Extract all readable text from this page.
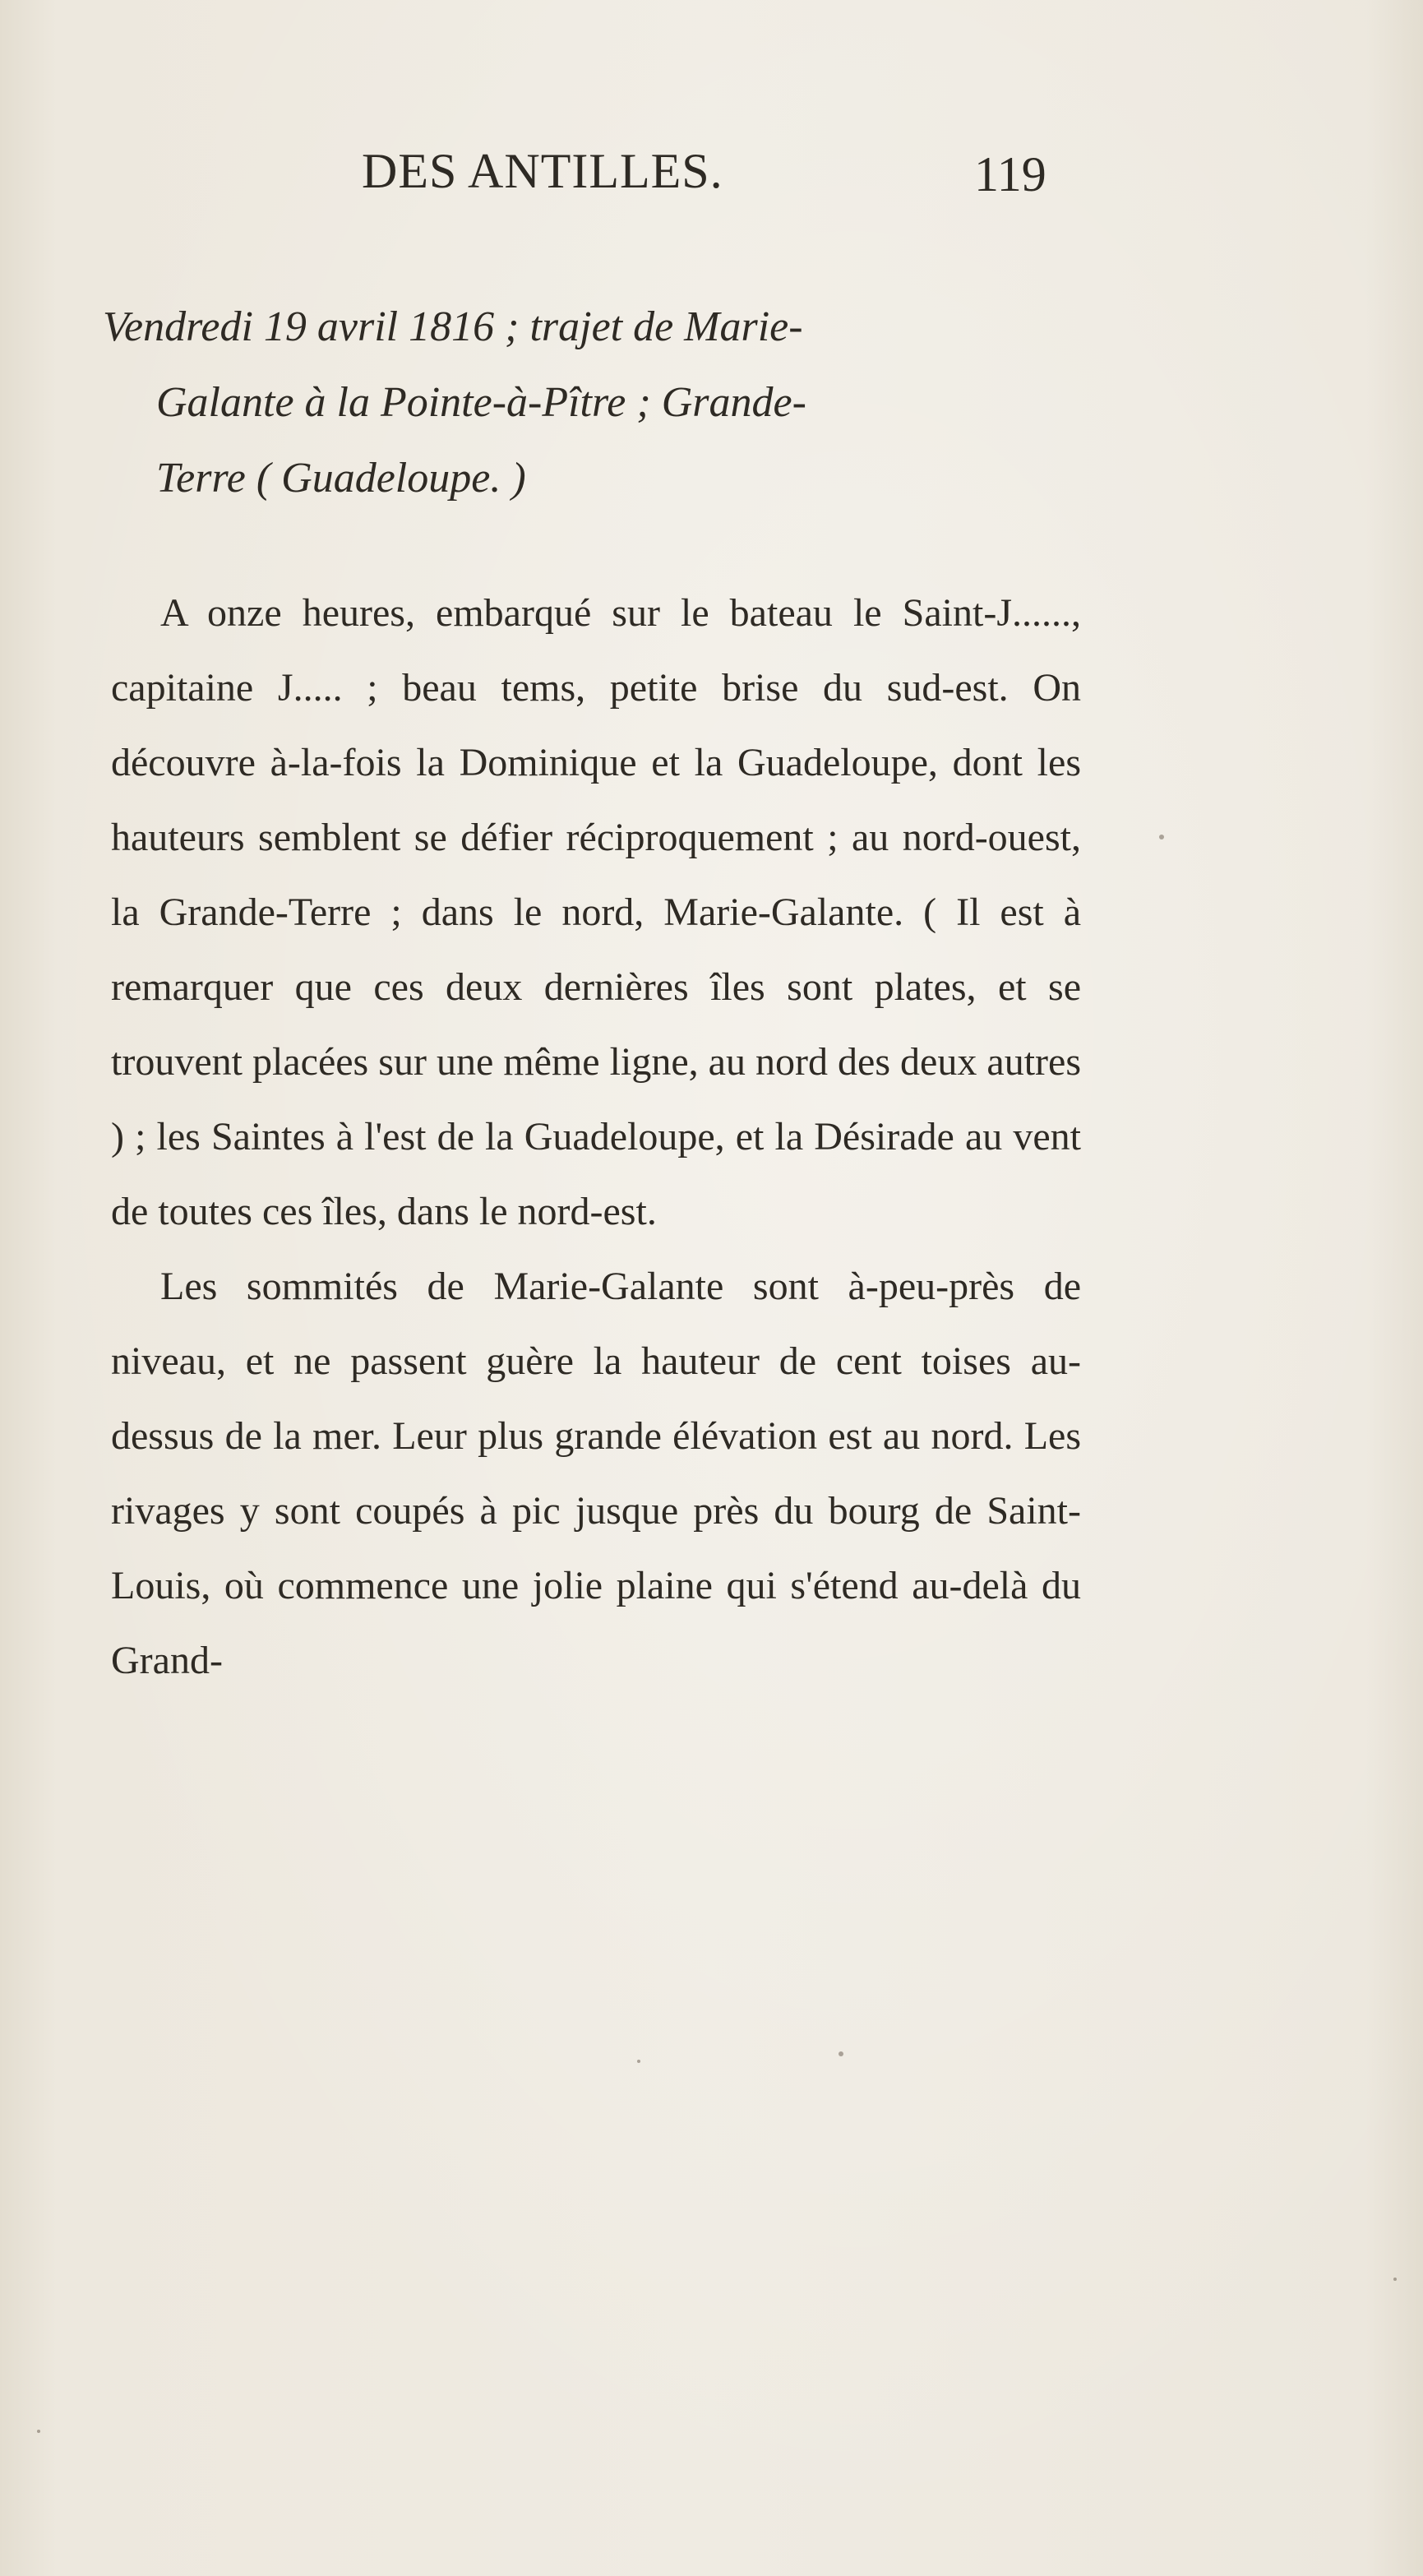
DES ANTILLES.	119
Vendredi 19 avril 1816 ; trajet de Marie-
Galante à la Pointe-à-Pître ; Grande-
Terre ( Guadeloupe. )

A onze heures, embarqué sur le bateau le Saint-J......, capitaine J..... ; beau tems, petite brise du sud-est. On découvre à-la-fois la Dominique et la Guadeloupe, dont les hauteurs semblent se défier réciproquement ; au nord-ouest, la Grande-Terre ; dans le nord, Marie-Galante. ( Il est à remarquer que ces deux dernières îles sont plates, et se trouvent placées sur une même ligne, au nord des deux autres ) ; les Saintes à l'est de la Guadeloupe, et la Désirade au vent de toutes ces îles, dans le nord-est.

Les sommités de Marie-Galante sont à-peu-près de niveau, et ne passent guère la hauteur de cent toises au-dessus de la mer. Leur plus grande élévation est au nord. Les rivages y sont coupés à pic jusque près du bourg de Saint-Louis, où commence une jolie plaine qui s'étend au-delà du Grand-
